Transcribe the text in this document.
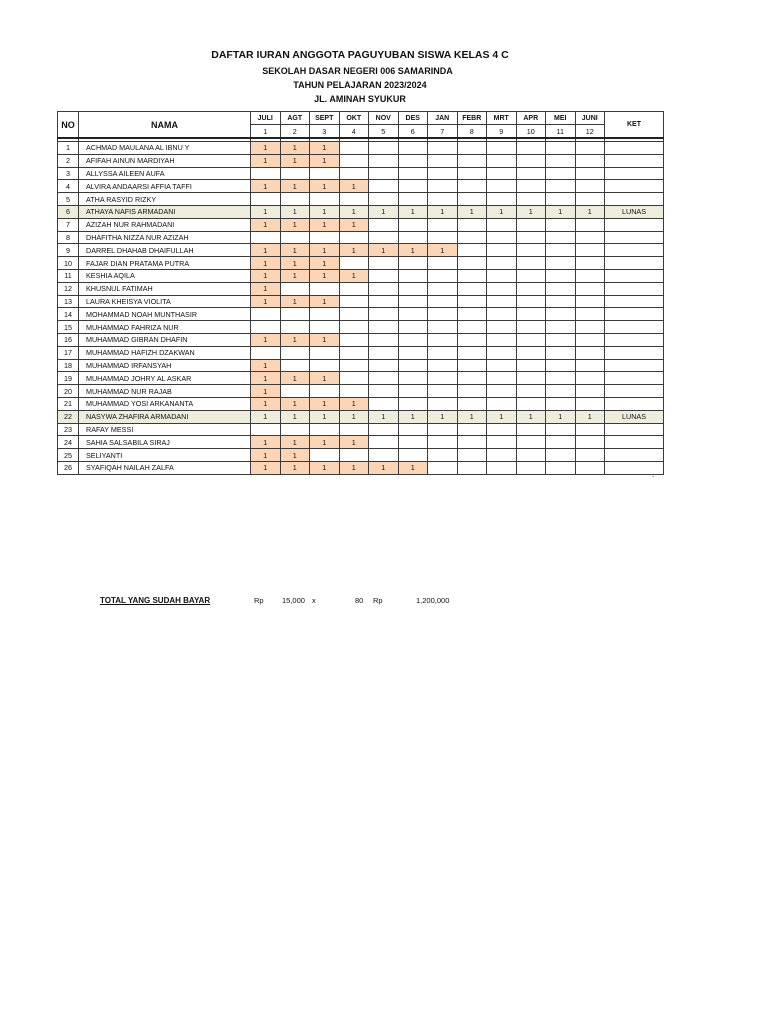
DAFTAR IURAN ANGGOTA PAGUYUBAN SISWA KELAS 4 C
SEKOLAH DASAR NEGERI 006 SAMARINDA
TAHUN PELAJARAN 2023/2024
JL. AMINAH SYUKUR
NO	NAMA	JULI	AGT	SEPT	OKT	NOV	DES	JAN	FEBR	MRT	APR	MEI	JUNI	KET
		1	2	3	4	5	6	7	8	9	10	11	12	

1	ACHMAD MAULANA AL IBNU Y	1	1	1										
2	AFIFAH AINUN MARDIYAH	1	1	1										
3	ALLYSSA AILEEN AUFA													
4	ALVIRA ANDAARSI AFFIA TAFFI	1	1	1	1									
5	ATHA RASYID RIZKY													
6	ATHAYA NAFIS ARMADANI	1	1	1	1	1	1	1	1	1	1	1	1	LUNAS
7	AZIZAH NUR RAHMADANI	1	1	1	1									
8	DHAFITHA NIZZA NUR AZIZAH													
9	DARREL DHAHAB DHAIFULLAH	1	1	1	1	1	1	1						
10	FAJAR DIAN PRATAMA PUTRA	1	1	1										
11	KESHIA AQILA	1	1	1	1									
12	KHUSNUL FATIMAH	1												
13	LAURA KHEISYA VIOLITA	1	1	1										
14	MOHAMMAD NOAH MUNTHASIR													
15	MUHAMMAD FAHRIZA NUR													
16	MUHAMMAD GIBRAN DHAFIN	1	1	1										
17	MUHAMMAD HAFIZH DZAKWAN													
18	MUHAMMAD IRFANSYAH	1												
19	MUHAMMAD JOHRY AL ASKAR	1	1	1										
20	MUHAMMAD NUR RAJAB	1												
21	MUHAMMAD YOSI ARKANANTA	1	1	1	1									
22	NASYWA ZHAFIRA ARMADANI	1	1	1	1	1	1	1	1	1	1	1	1	LUNAS
23	RAFAY MESSI													
24	SAHIA SALSABILA SIRAJ	1	1	1	1									
25	SELIYANTI	1	1											
26	SYAFIQAH NAILAH ZALFA	1	1	1	1	1	1							
.
TOTAL YANG SUDAH BAYAR	Rp 15,000 x	80 Rp	1,200,000
